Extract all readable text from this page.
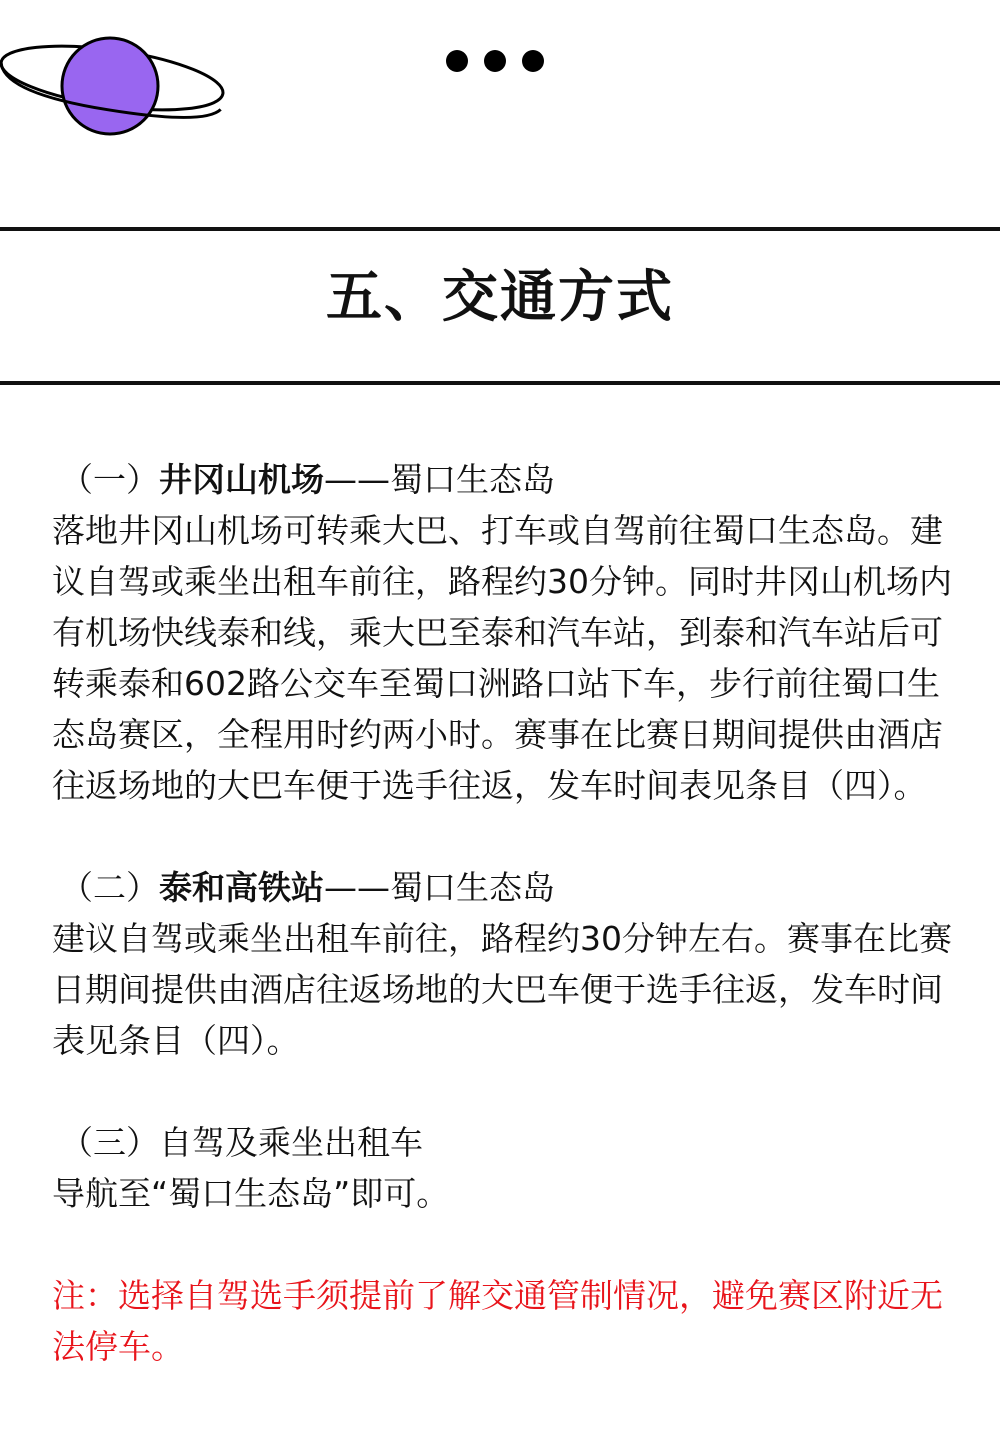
五、交通方式

（一）井冈山机场——蜀口生态岛

落地井冈山机场可转乘大巴、打车或自驾前往蜀口生态岛。建议自驾或乘坐出租车前往，路程约30分钟。同时井冈山机场内有机场快线泰和线，乘大巴至泰和汽车站，到泰和汽车站后可转乘泰和602路公交车至蜀口洲路口站下车，步行前往蜀口生态岛赛区，全程用时约两小时。赛事在比赛日期间提供由酒店往返场地的大巴车便于选手往返，发车时间表见条目（四）。

（二）泰和高铁站——蜀口生态岛

建议自驾或乘坐出租车前往，路程约30分钟左右。赛事在比赛日期间提供由酒店往返场地的大巴车便于选手往返，发车时间表见条目（四）。

（三）自驾及乘坐出租车

导航至“蜀口生态岛”即可。

注：选择自驾选手须提前了解交通管制情况，避免赛区附近无法停车。
